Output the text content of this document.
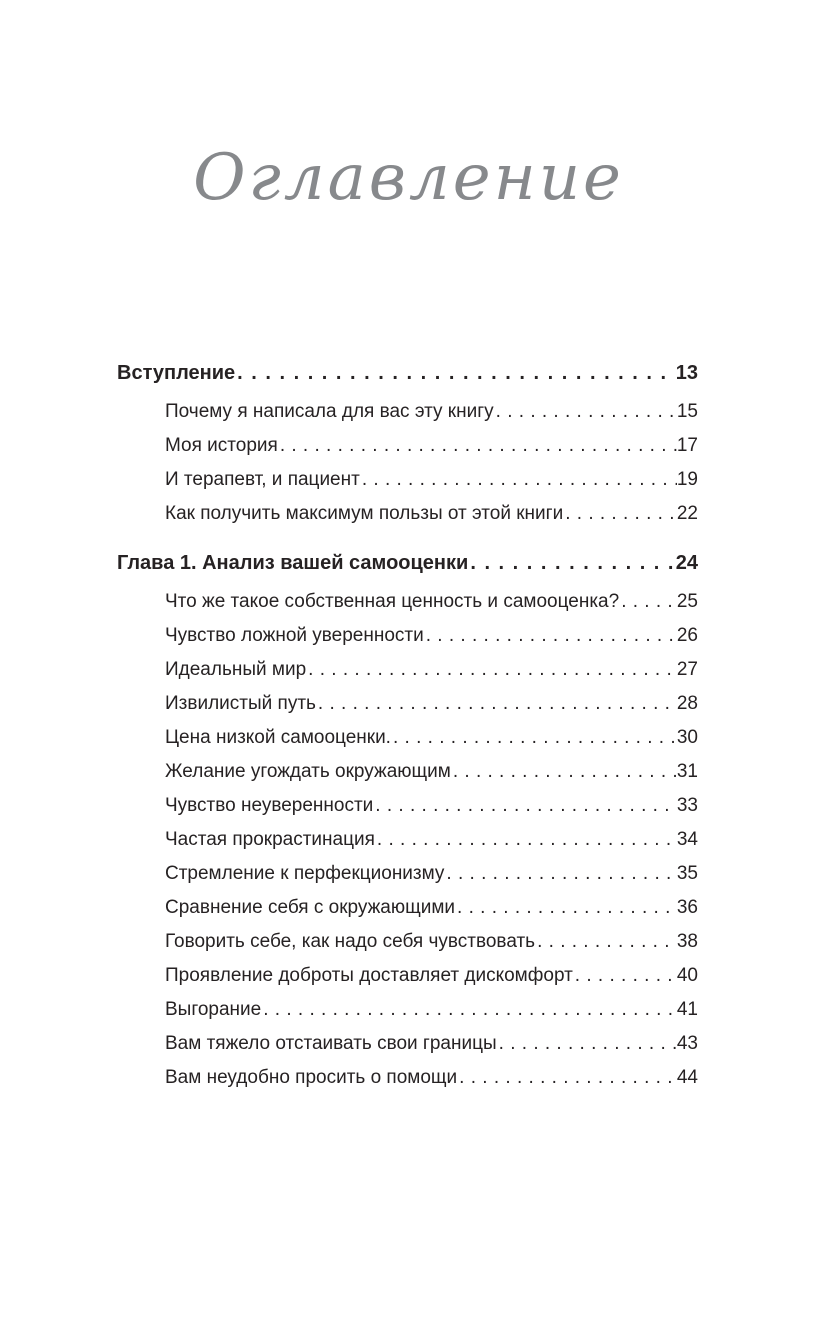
Оглавление
Вступление . . .	13
Почему я написала для вас эту книгу . . .	15
Моя история . . .	17
И терапевт, и пациент . . .	19
Как получить максимум пользы от этой книги . . .	22
Глава 1. Анализ вашей самооценки . . .	24
Что же такое собственная ценность и самооценка? . . .	25
Чувство ложной уверенности . . .	26
Идеальный мир . . .	27
Извилистый путь . . .	28
Цена низкой самооценки. . . .	30
Желание угождать окружающим . . .	31
Чувство неуверенности . . .	33
Частая прокрастинация . . .	34
Стремление к перфекционизму . . .	35
Сравнение себя с окружающими . . .	36
Говорить себе, как надо себя чувствовать . . .	38
Проявление доброты доставляет дискомфорт . . .	40
Выгорание . . .	41
Вам тяжело отстаивать свои границы . . .	43
Вам неудобно просить о помощи . . .	44
